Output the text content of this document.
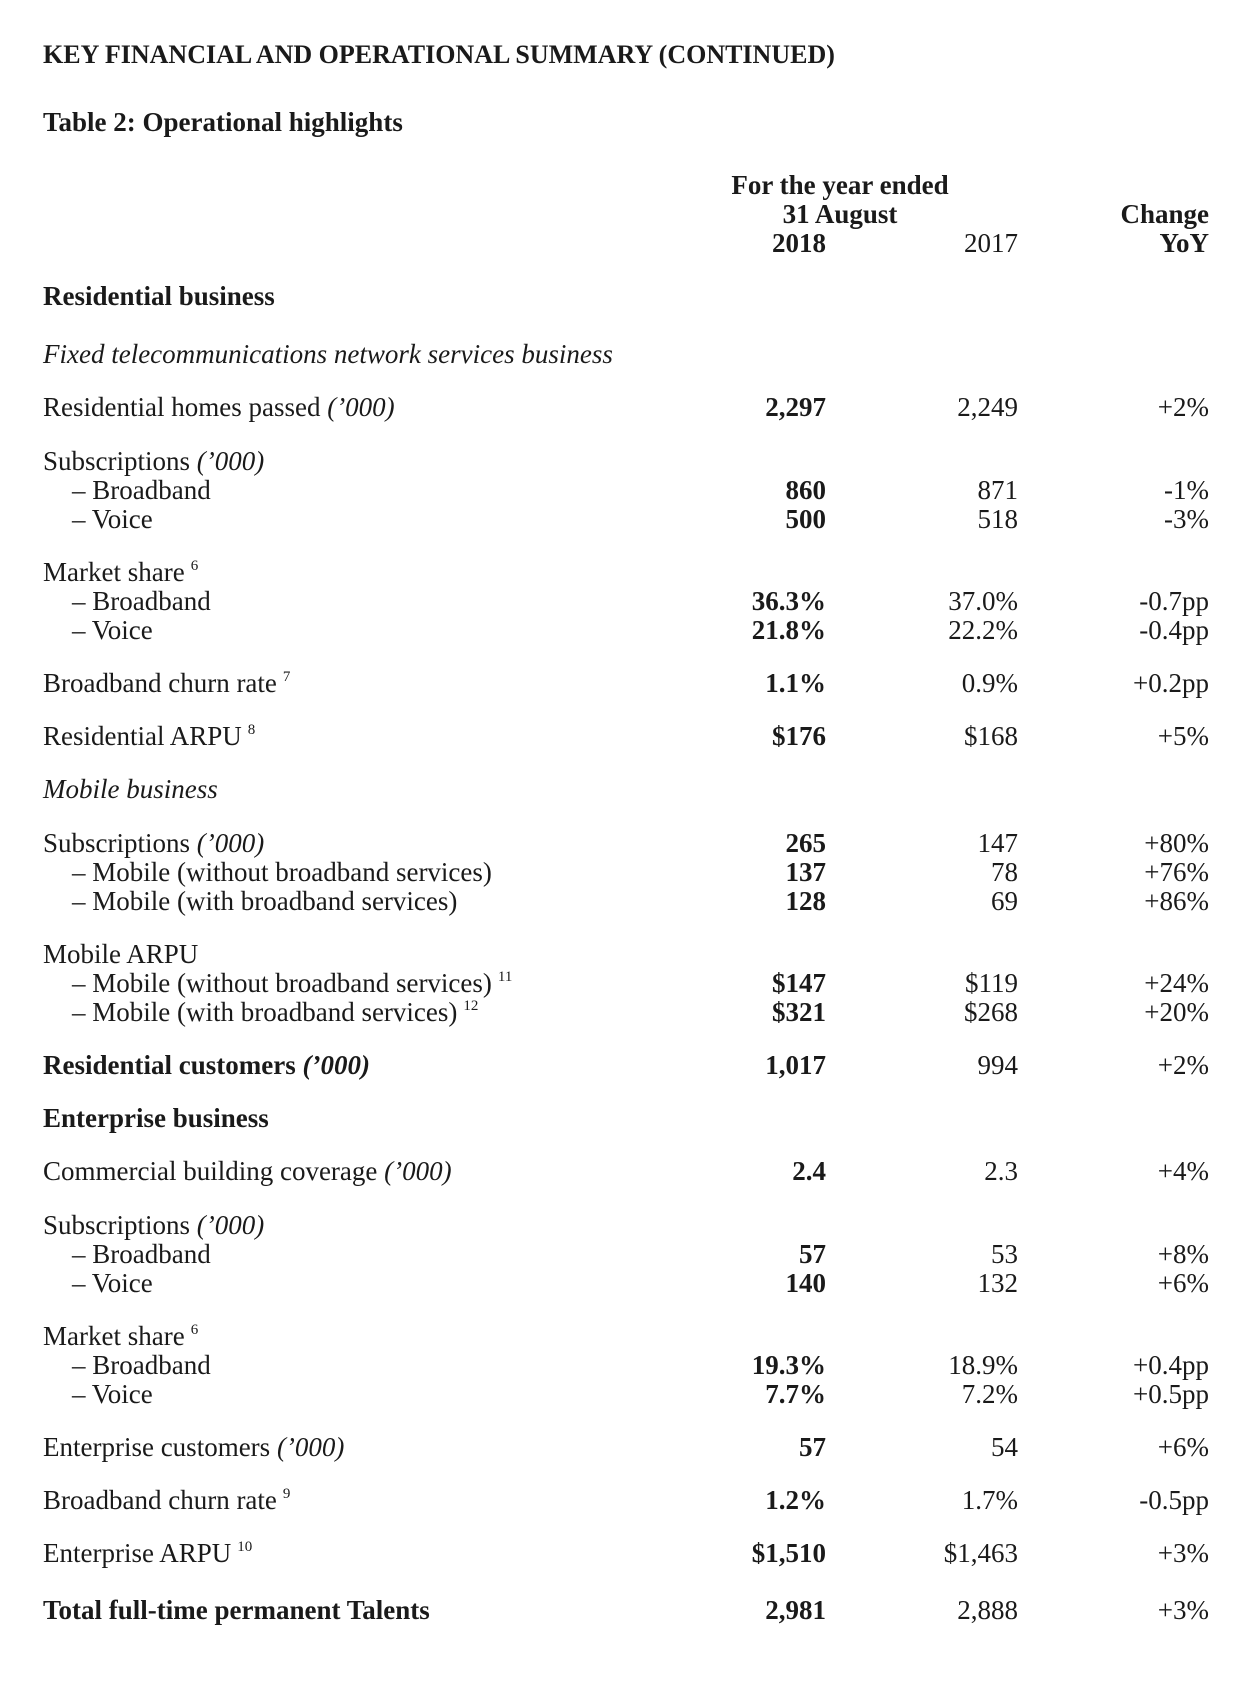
KEY FINANCIAL AND OPERATIONAL SUMMARY (CONTINUED)
Table 2: Operational highlights
For the year ended
31 August
2018	2017
Change
YoY
Residential business
Fixed telecommunications network services business
Residential homes passed (’000)	2,297	2,249	+2%
Subscriptions (’000)
– Broadband	860	871	-1%
– Voice	500	518	-3%
Market share $^6$
– Broadband	36.3%	37.0%	-0.7pp
– Voice	21.8%	22.2%	-0.4pp
Broadband churn rate $^7$	1.1%	0.9%	+0.2pp
Residential ARPU $^8$	$176	$168	+5%
Mobile business
Subscriptions (’000)	265	147	+80%
– Mobile (without broadband services)	137	78	+76%
– Mobile (with broadband services)	128	69	+86%
Mobile ARPU
– Mobile (without broadband services) $^{11}$	$147	$119	+24%
– Mobile (with broadband services) $^{12}$	$321	$268	+20%
Residential customers (’000)	1,017	994	+2%
Enterprise business
Commercial building coverage (’000)	2.4	2.3	+4%
Subscriptions (’000)
– Broadband	57	53	+8%
– Voice	140	132	+6%
Market share $^6$
– Broadband	19.3%	18.9%	+0.4pp
– Voice	7.7%	7.2%	+0.5pp
Enterprise customers (’000)	57	54	+6%
Broadband churn rate $^9$	1.2%	1.7%	-0.5pp
Enterprise ARPU $^{10}$	$1,510	$1,463	+3%
Total full-time permanent Talents	2,981	2,888	+3%
